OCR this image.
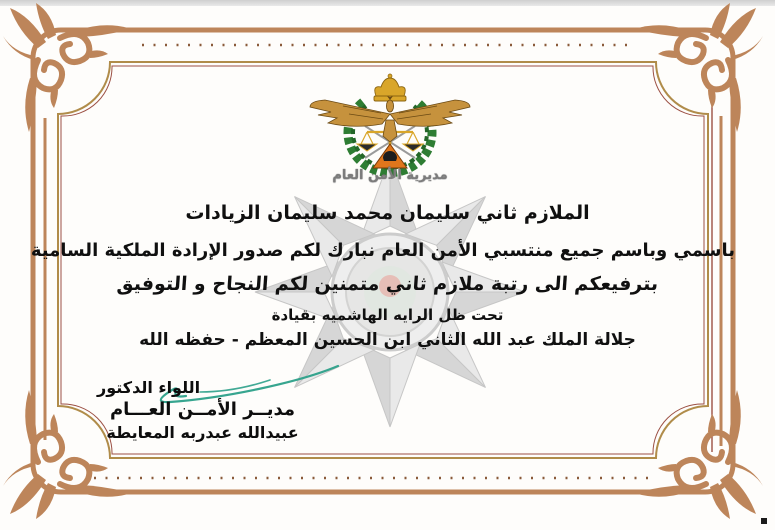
مديرية الأمن العام
الملازم ثاني سليمان محمد سليمان الزيادات
باسمي وباسم جميع منتسبي الأمن العام نبارك لكم صدور الإرادة الملكية السامية
بترفيعكم الى رتبة ملازم ثاني متمنين لكم النجاح و التوفيق
تحت ظل الرايه الهاشميه بقيادة
جلالة الملك عبد الله الثاني ابن الحسين المعظم - حفظه الله
اللواء الدكتور
مديــر الأمــن العـــام
عبيدالله عبدربه المعايطة
